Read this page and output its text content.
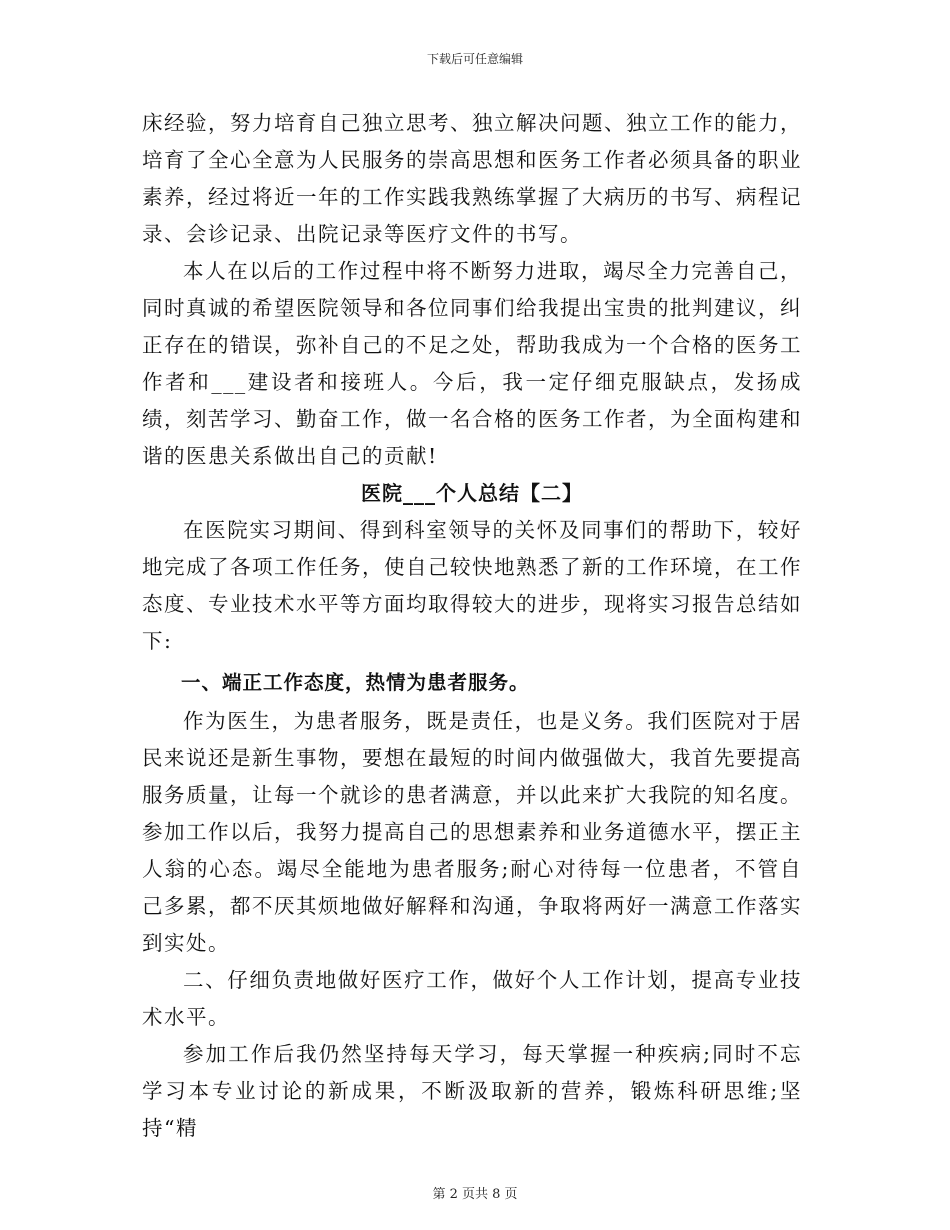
下载后可任意编辑

床经验，努力培育自己独立思考、独立解决问题、独立工作的能力，培育了全心全意为人民服务的崇高思想和医务工作者必须具备的职业素养，经过将近一年的工作实践我熟练掌握了大病历的书写、病程记录、会诊记录、出院记录等医疗文件的书写。

本人在以后的工作过程中将不断努力进取，竭尽全力完善自己，同时真诚的希望医院领导和各位同事们给我提出宝贵的批判建议，纠正存在的错误，弥补自己的不足之处，帮助我成为一个合格的医务工作者和___建设者和接班人。今后，我一定仔细克服缺点，发扬成绩，刻苦学习、勤奋工作，做一名合格的医务工作者，为全面构建和谐的医患关系做出自己的贡献!

医院___个人总结【二】

在医院实习期间、得到科室领导的关怀及同事们的帮助下，较好地完成了各项工作任务，使自己较快地熟悉了新的工作环境，在工作态度、专业技术水平等方面均取得较大的进步，现将实习报告总结如下:

一、端正工作态度，热情为患者服务。

作为医生，为患者服务，既是责任，也是义务。我们医院对于居民来说还是新生事物，要想在最短的时间内做强做大，我首先要提高服务质量，让每一个就诊的患者满意，并以此来扩大我院的知名度。参加工作以后，我努力提高自己的思想素养和业务道德水平，摆正主人翁的心态。竭尽全能地为患者服务;耐心对待每一位患者，不管自己多累，都不厌其烦地做好解释和沟通，争取将两好一满意工作落实到实处。

二、仔细负责地做好医疗工作，做好个人工作计划，提高专业技术水平。

参加工作后我仍然坚持每天学习，每天掌握一种疾病;同时不忘学习本专业讨论的新成果，不断汲取新的营养，锻炼科研思维;坚持“精

第 2 页共 8 页
